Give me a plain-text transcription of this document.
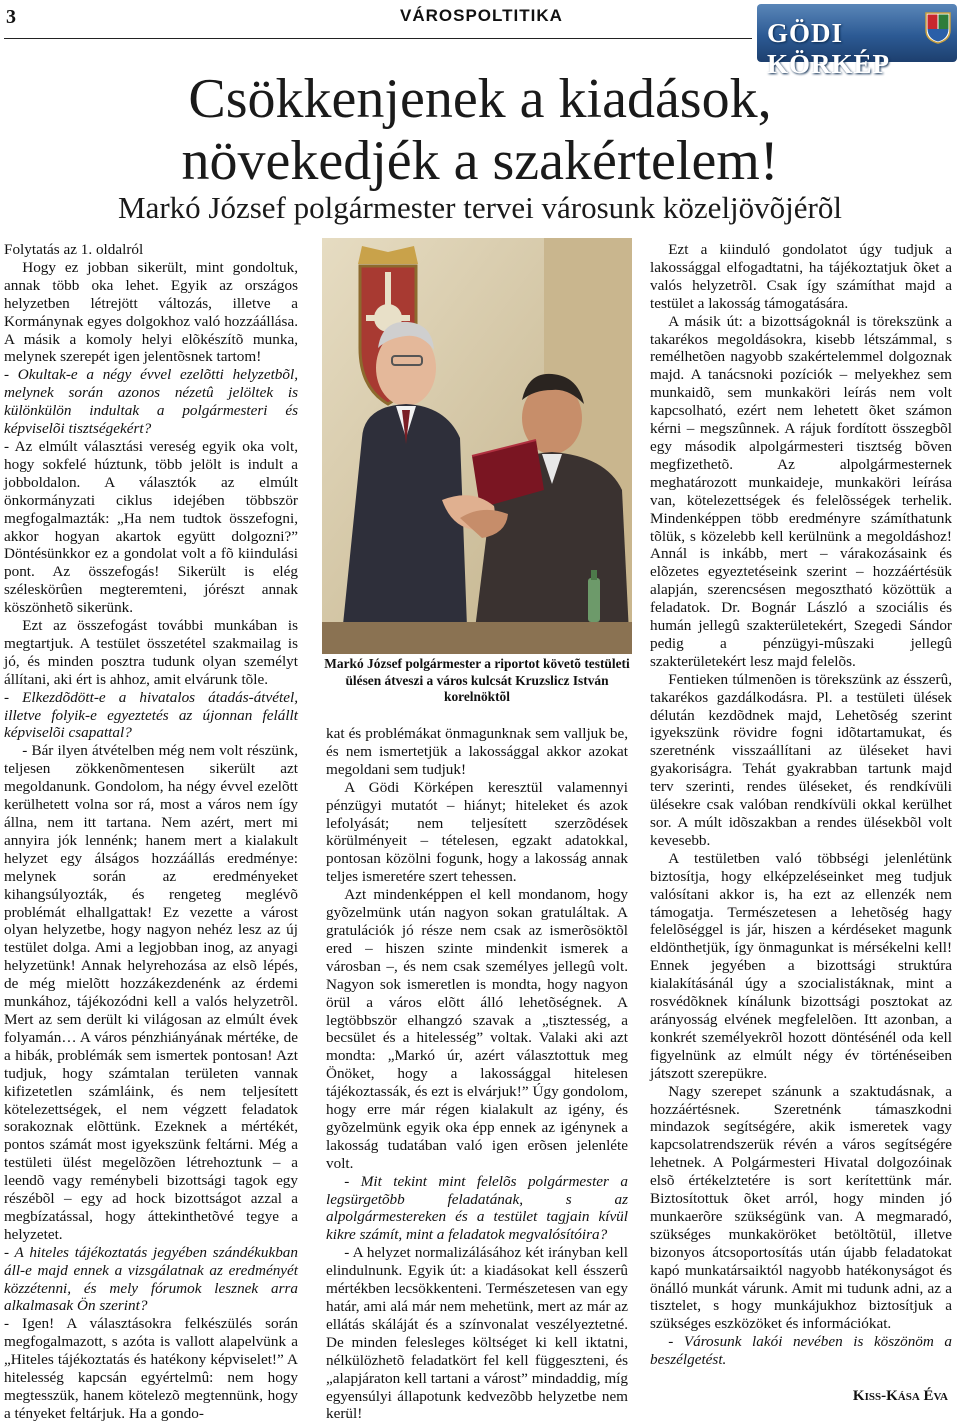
3	VÁROSPOLTITIKA
GÖDI KÖRKÉP
Csökkenjenek a kiadások,
növekedjék a szakértelem!
Markó József polgármester tervei városunk közeljövõjérõl

Folytatás az 1. oldalról

Hogy ez jobban sikerült, mint gondoltuk, annak több oka lehet. Egyik az országos helyzetben létrejött változás, illetve a Kormánynak egyes dolgokhoz való hozzáállása. A másik a komoly helyi elõkészítõ munka, melynek szerepét igen jelentõsnek tartom!

- Okultak-e a négy évvel ezelõtti helyzetbõl, melynek során azonos nézetû jelöltek is különkülön indultak a polgármesteri és képviselõi tisztségekért?

- Az elmúlt választási vereség egyik oka volt, hogy sokfelé húztunk, több jelölt is indult a jobboldalon. A választók az elmúlt önkormányzati ciklus idejében többször megfogalmazták: „Ha nem tudtok összefogni, akkor hogyan akartok együtt dolgozni?” Döntésünkkor ez a gondolat volt a fõ kiindulási pont. Az összefogás! Sikerült is elég széleskörûen megteremteni, jórészt annak köszönhetõ sikerünk.

Ezt az összefogást további munkában is megtartjuk. A testület összetétel szakmailag is jó, és minden posztra tudunk olyan személyt állítani, aki ért is ahhoz, amit elvárunk tõle.

- Elkezdõdött-e a hivatalos átadás-átvétel, illetve folyik-e egyeztetés az újonnan felállt képviselõi csapattal?

- Bár ilyen átvételben még nem volt részünk, teljesen zökkenõmentesen sikerült azt megoldanunk. Gondolom, ha négy évvel ezelõtt kerülhetett volna sor rá, most a város nem így állna, nem itt tartana. Nem azért, mert mi annyira jók lennénk; hanem mert a kialakult helyzet egy álságos hozzáállás eredménye: melynek során az eredményeket kihangsúlyozták, és rengeteg meglévõ problémát elhallgattak! Ez vezette a várost olyan helyzetbe, hogy nagyon nehéz lesz az új testület dolga. Ami a legjobban inog, az anyagi helyzetünk! Annak helyrehozása az elsõ lépés, de még mielõtt hozzákezdenénk az érdemi munkához, tájékozódni kell a valós helyzetrõl. Mert az sem derült ki világosan az elmúlt évek folyamán… A város pénzhiányának mértéke, de a hibák, problémák sem ismertek pontosan! Azt tudjuk, hogy számtalan területen vannak kifizetetlen számláink, és nem teljesített kötelezettségek, el nem végzett feladatok sorakoznak elõttünk. Ezeknek a mértékét, pontos számát most igyekszünk feltárni. Még a testületi ülést megelõzõen létrehoztunk – a leendõ vagy reménybeli bizottsági tagok egy részébõl – egy ad hock bizottságot azzal a megbízatással, hogy áttekinthetõvé tegye a helyzetet.

- A hiteles tájékoztatás jegyében szándékukban áll-e majd ennek a vizsgálatnak az eredményét közzétenni, és mely fórumok lesznek arra alkalmasak Ön szerint?

- Igen! A választásokra felkészülés során megfogalmazott, s azóta is vallott alapelvünk a „Hiteles tájékoztatás és hatékony képviselet!” A hitelesség kapcsán egyértelmû: nem hogy megtesszük, hanem kötelezõ megtennünk, hogy a tényeket feltárjuk. Ha a gondo-

Markó József polgármester a riportot követõ testületi ülésen átveszi a város kulcsát Kruzslicz István korelnöktõl

kat és problémákat önmagunknak sem valljuk be, és nem ismertetjük a lakossággal akkor azokat megoldani sem tudjuk!

A Gödi Körképen keresztül valamennyi pénzügyi mutatót – hiányt; hiteleket és azok lefolyását; nem teljesített szerzõdések körülményeit – tételesen, egzakt adatokkal, pontosan közölni fogunk, hogy a lakosság annak teljes ismeretére szert tehessen.

Azt mindenképpen el kell mondanom, hogy gyõzelmünk után nagyon sokan gratuláltak. A gratulációk jó része nem csak az ismerõsöktõl ered – hiszen szinte mindenkit ismerek a városban –, és nem csak személyes jellegû volt. Nagyon sok ismeretlen is mondta, hogy nagyon örül a város elõtt álló lehetõségnek. A legtöbbször elhangzó szavak a „tisztesség, a becsület és a hitelesség” voltak. Valaki aki azt mondta: „Markó úr, azért választottuk meg Önöket, hogy a lakossággal hitelesen tájékoztassák, és ezt is elvárjuk!” Úgy gondolom, hogy erre már régen kialakult az igény, és gyõzelmünk egyik oka épp ennek az igénynek a lakosság tudatában való igen erõsen jelenléte volt.

- Mit tekint mint felelõs polgármester a legsürgetõbb feladatának, s az alpolgármestereken és a testület tagjain kívül kikre számít, mint a feladatok megvalósítóira?

- A helyzet normalizálásához két irányban kell elindulnunk. Egyik út: a kiadásokat kell ésszerû mértékben lecsökkenteni. Természetesen van egy határ, ami alá már nem mehetünk, mert az már az ellátás skáláját és a színvonalat veszélyeztetné. De minden felesleges költséget ki kell iktatni, nélkülözhetõ feladatkört fel kell függeszteni, és „alapjáraton kell tartani a várost” mindaddig, míg egyensúlyi állapotunk kedvezõbb helyzetbe nem kerül!

Ezt a kiinduló gondolatot úgy tudjuk a lakossággal elfogadtatni, ha tájékoztatjuk õket a valós helyzetrõl. Csak így számíthat majd a testület a lakosság támogatására.

A másik út: a bizottságoknál is törekszünk a takarékos megoldásokra, kisebb létszámmal, s remélhetõen nagyobb szakértelemmel dolgoznak majd. A tanácsnoki pozíciók – melyekhez sem munkaidõ, sem munkaköri leírás nem volt kapcsolható, ezért nem lehetett õket számon kérni – megszûnnek. A rájuk fordított összegbõl egy második alpolgármesteri tisztség bõven megfizethetõ. Az alpolgármesternek meghatározott munkaideje, munkaköri leírása van, kötelezettségek és felelõsségek terhelik. Mindenképpen több eredményre számíthatunk tõlük, s közelebb kell kerülnünk a megoldáshoz! Annál is inkább, mert – várakozásaink és elõzetes egyeztetéseink szerint – hozzáértésük alapján, szerencsésen megosztható közöttük a feladatok. Dr. Bognár László a szociális és humán jellegû szakterületekért, Szegedi Sándor pedig a pénzügyi-mûszaki jellegû szakterületekért lesz majd felelõs.

Fentieken túlmenõen is törekszünk az ésszerû, takarékos gazdálkodásra. Pl. a testületi ülések délután kezdõdnek majd, Lehetõség szerint igyekszünk rövidre fogni idõtartamukat, és szeretnénk visszaállítani az üléseket havi gyakoriságra. Tehát gyakrabban tartunk majd terv szerinti, rendes üléseket, és rendkívüli ülésekre csak valóban rendkívüli okkal kerülhet sor. A múlt idõszakban a rendes ülésekbõl volt kevesebb.

A testületben való többségi jelenlétünk biztosítja, hogy elképzeléseinket meg tudjuk valósítani akkor is, ha ezt az ellenzék nem támogatja. Természetesen a lehetõség hagy felelõséggel is jár, hiszen a kérdéseket magunk eldönthetjük, így önmagunkat is mérsékelni kell! Ennek jegyében a bizottsági struktúra kialakításánál úgy a szocialistáknak, mint a rosvédõknek kínálunk bizottsági posztokat az arányosság elvének megfelelõen. Itt azonban, a konkrét személyekrõl hozott döntésénél oda kell figyelnünk az elmúlt négy év történéseiben játszott szerepükre.

Nagy szerepet szánunk a szaktudásnak, a hozzáértésnek. Szeretnénk támaszkodni mindazok segítségére, akik ismeretek vagy kapcsolatrendszerük révén a város segítségére lehetnek. A Polgármesteri Hivatal dolgozóinak elsõ értékelztetére is sort kerítettünk már. Biztosítottuk õket arról, hogy minden jó munkaerõre szükségünk van. A megmaradó, szükséges munkaköröket betöltõtül, illetve bizonyos átcsoportosítás után újabb feladatokat kapó munkatársaiktól nagyobb hatékonyságot és önálló munkát várunk. Amit mi tudunk adni, az a tisztelet, s hogy munkájukhoz biztosítjuk a szükséges eszközöket és információkat.

- Városunk lakói nevében is köszönöm a beszélgetést.

Kiss-Kása Éva
